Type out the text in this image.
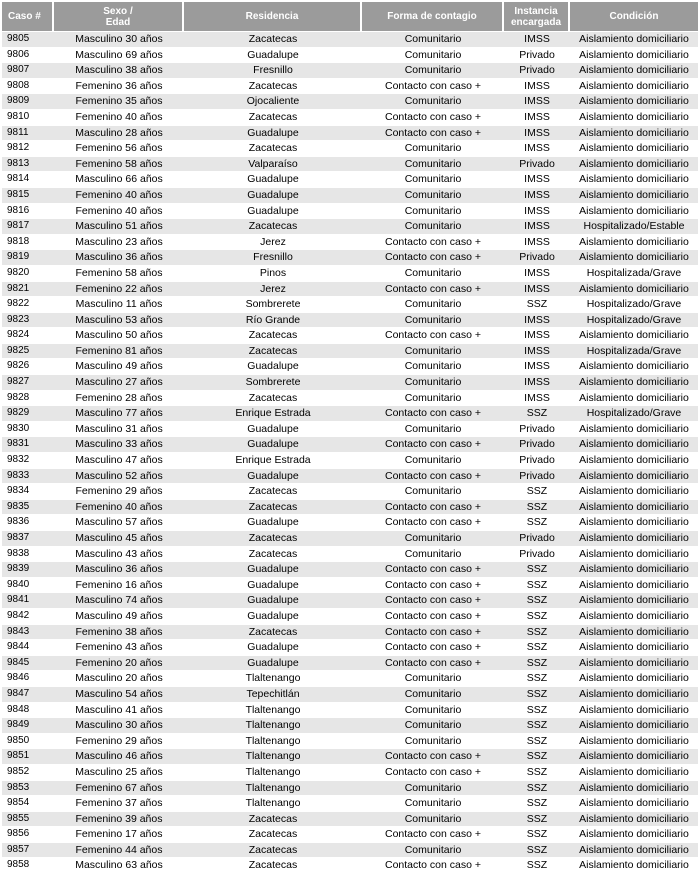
Caso #	Sexo /
Edad	Residencia	Forma de contagio	Instancia
encargada	Condición
9805	Masculino 30 años	Zacatecas	Comunitario	IMSS	Aislamiento domiciliario
9806	Masculino 69 años	Guadalupe	Comunitario	Privado	Aislamiento domiciliario
9807	Masculino 38 años	Fresnillo	Comunitario	Privado	Aislamiento domiciliario
9808	Femenino 36 años	Zacatecas	Contacto con caso +	IMSS	Aislamiento domiciliario
9809	Femenino 35 años	Ojocaliente	Comunitario	IMSS	Aislamiento domiciliario
9810	Femenino 40 años	Zacatecas	Contacto con caso +	IMSS	Aislamiento domiciliario
9811	Masculino 28 años	Guadalupe	Contacto con caso +	IMSS	Aislamiento domiciliario
9812	Femenino 56 años	Zacatecas	Comunitario	IMSS	Aislamiento domiciliario
9813	Femenino 58 años	Valparaíso	Comunitario	Privado	Aislamiento domiciliario
9814	Masculino 66 años	Guadalupe	Comunitario	IMSS	Aislamiento domiciliario
9815	Femenino 40 años	Guadalupe	Comunitario	IMSS	Aislamiento domiciliario
9816	Femenino 40 años	Guadalupe	Comunitario	IMSS	Aislamiento domiciliario
9817	Masculino 51 años	Zacatecas	Comunitario	IMSS	Hospitalizado/Estable
9818	Masculino 23 años	Jerez	Contacto con caso +	IMSS	Aislamiento domiciliario
9819	Masculino 36 años	Fresnillo	Contacto con caso +	Privado	Aislamiento domiciliario
9820	Femenino 58 años	Pinos	Comunitario	IMSS	Hospitalizada/Grave
9821	Femenino 22 años	Jerez	Contacto con caso +	IMSS	Aislamiento domiciliario
9822	Masculino 11 años	Sombrerete	Comunitario	SSZ	Hospitalizado/Grave
9823	Masculino 53 años	Río Grande	Comunitario	IMSS	Hospitalizado/Grave
9824	Masculino 50 años	Zacatecas	Contacto con caso +	IMSS	Aislamiento domiciliario
9825	Femenino 81 años	Zacatecas	Comunitario	IMSS	Hospitalizada/Grave
9826	Masculino 49 años	Guadalupe	Comunitario	IMSS	Aislamiento domiciliario
9827	Masculino 27 años	Sombrerete	Comunitario	IMSS	Aislamiento domiciliario
9828	Femenino 28 años	Zacatecas	Comunitario	IMSS	Aislamiento domiciliario
9829	Masculino 77 años	Enrique Estrada	Contacto con caso +	SSZ	Hospitalizado/Grave
9830	Masculino 31 años	Guadalupe	Comunitario	Privado	Aislamiento domiciliario
9831	Masculino 33 años	Guadalupe	Contacto con caso +	Privado	Aislamiento domiciliario
9832	Masculino 47 años	Enrique Estrada	Comunitario	Privado	Aislamiento domiciliario
9833	Masculino 52 años	Guadalupe	Contacto con caso +	Privado	Aislamiento domiciliario
9834	Femenino 29 años	Zacatecas	Comunitario	SSZ	Aislamiento domiciliario
9835	Femenino 40 años	Zacatecas	Contacto con caso +	SSZ	Aislamiento domiciliario
9836	Masculino 57 años	Guadalupe	Contacto con caso +	SSZ	Aislamiento domiciliario
9837	Masculino 45 años	Zacatecas	Comunitario	Privado	Aislamiento domiciliario
9838	Masculino 43 años	Zacatecas	Comunitario	Privado	Aislamiento domiciliario
9839	Masculino 36 años	Guadalupe	Contacto con caso +	SSZ	Aislamiento domiciliario
9840	Femenino 16 años	Guadalupe	Contacto con caso +	SSZ	Aislamiento domiciliario
9841	Masculino 74 años	Guadalupe	Contacto con caso +	SSZ	Aislamiento domiciliario
9842	Masculino 49 años	Guadalupe	Contacto con caso +	SSZ	Aislamiento domiciliario
9843	Femenino 38 años	Zacatecas	Contacto con caso +	SSZ	Aislamiento domiciliario
9844	Femenino 43 años	Guadalupe	Contacto con caso +	SSZ	Aislamiento domiciliario
9845	Femenino 20 años	Guadalupe	Contacto con caso +	SSZ	Aislamiento domiciliario
9846	Masculino 20 años	Tlaltenango	Comunitario	SSZ	Aislamiento domiciliario
9847	Masculino 54 años	Tepechitlán	Comunitario	SSZ	Aislamiento domiciliario
9848	Masculino 41 años	Tlaltenango	Comunitario	SSZ	Aislamiento domiciliario
9849	Masculino 30 años	Tlaltenango	Comunitario	SSZ	Aislamiento domiciliario
9850	Femenino 29 años	Tlaltenango	Comunitario	SSZ	Aislamiento domiciliario
9851	Masculino 46 años	Tlaltenango	Contacto con caso +	SSZ	Aislamiento domiciliario
9852	Masculino 25 años	Tlaltenango	Contacto con caso +	SSZ	Aislamiento domiciliario
9853	Femenino 67 años	Tlaltenango	Comunitario	SSZ	Aislamiento domiciliario
9854	Femenino 37 años	Tlaltenango	Comunitario	SSZ	Aislamiento domiciliario
9855	Femenino 39 años	Zacatecas	Comunitario	SSZ	Aislamiento domiciliario
9856	Femenino 17 años	Zacatecas	Contacto con caso +	SSZ	Aislamiento domiciliario
9857	Femenino 44 años	Zacatecas	Comunitario	SSZ	Aislamiento domiciliario
9858	Masculino 63 años	Zacatecas	Contacto con caso +	SSZ	Aislamiento domiciliario
